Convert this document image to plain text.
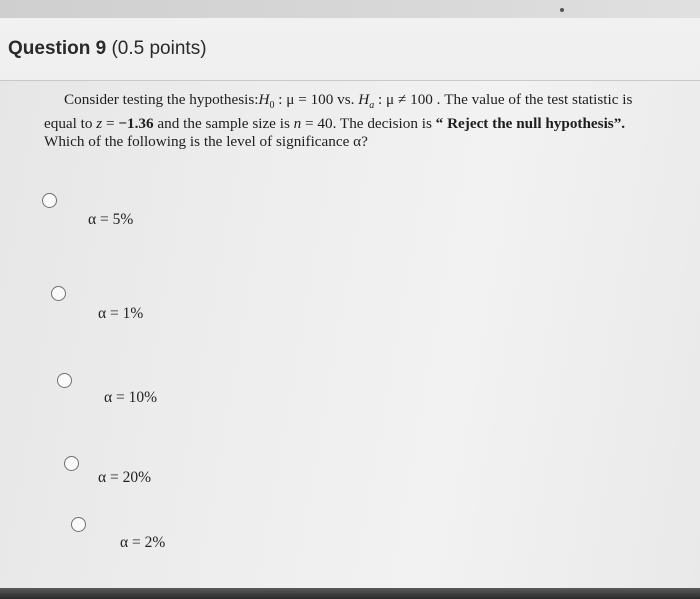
Question 9 (0.5 points)

Consider testing the $hypothesis:H_0$ : μ = 100 vs. $H_a$ : μ ≠ 100 . The value of the test statistic is

equal to z = −1.36 and the sample size is n = 40. The decision is “ Reject the null hypothesis”.

Which of the following is the level of significance α?

α = 5%
α = 1%
α = 10%
α = 20%
α = 2%
